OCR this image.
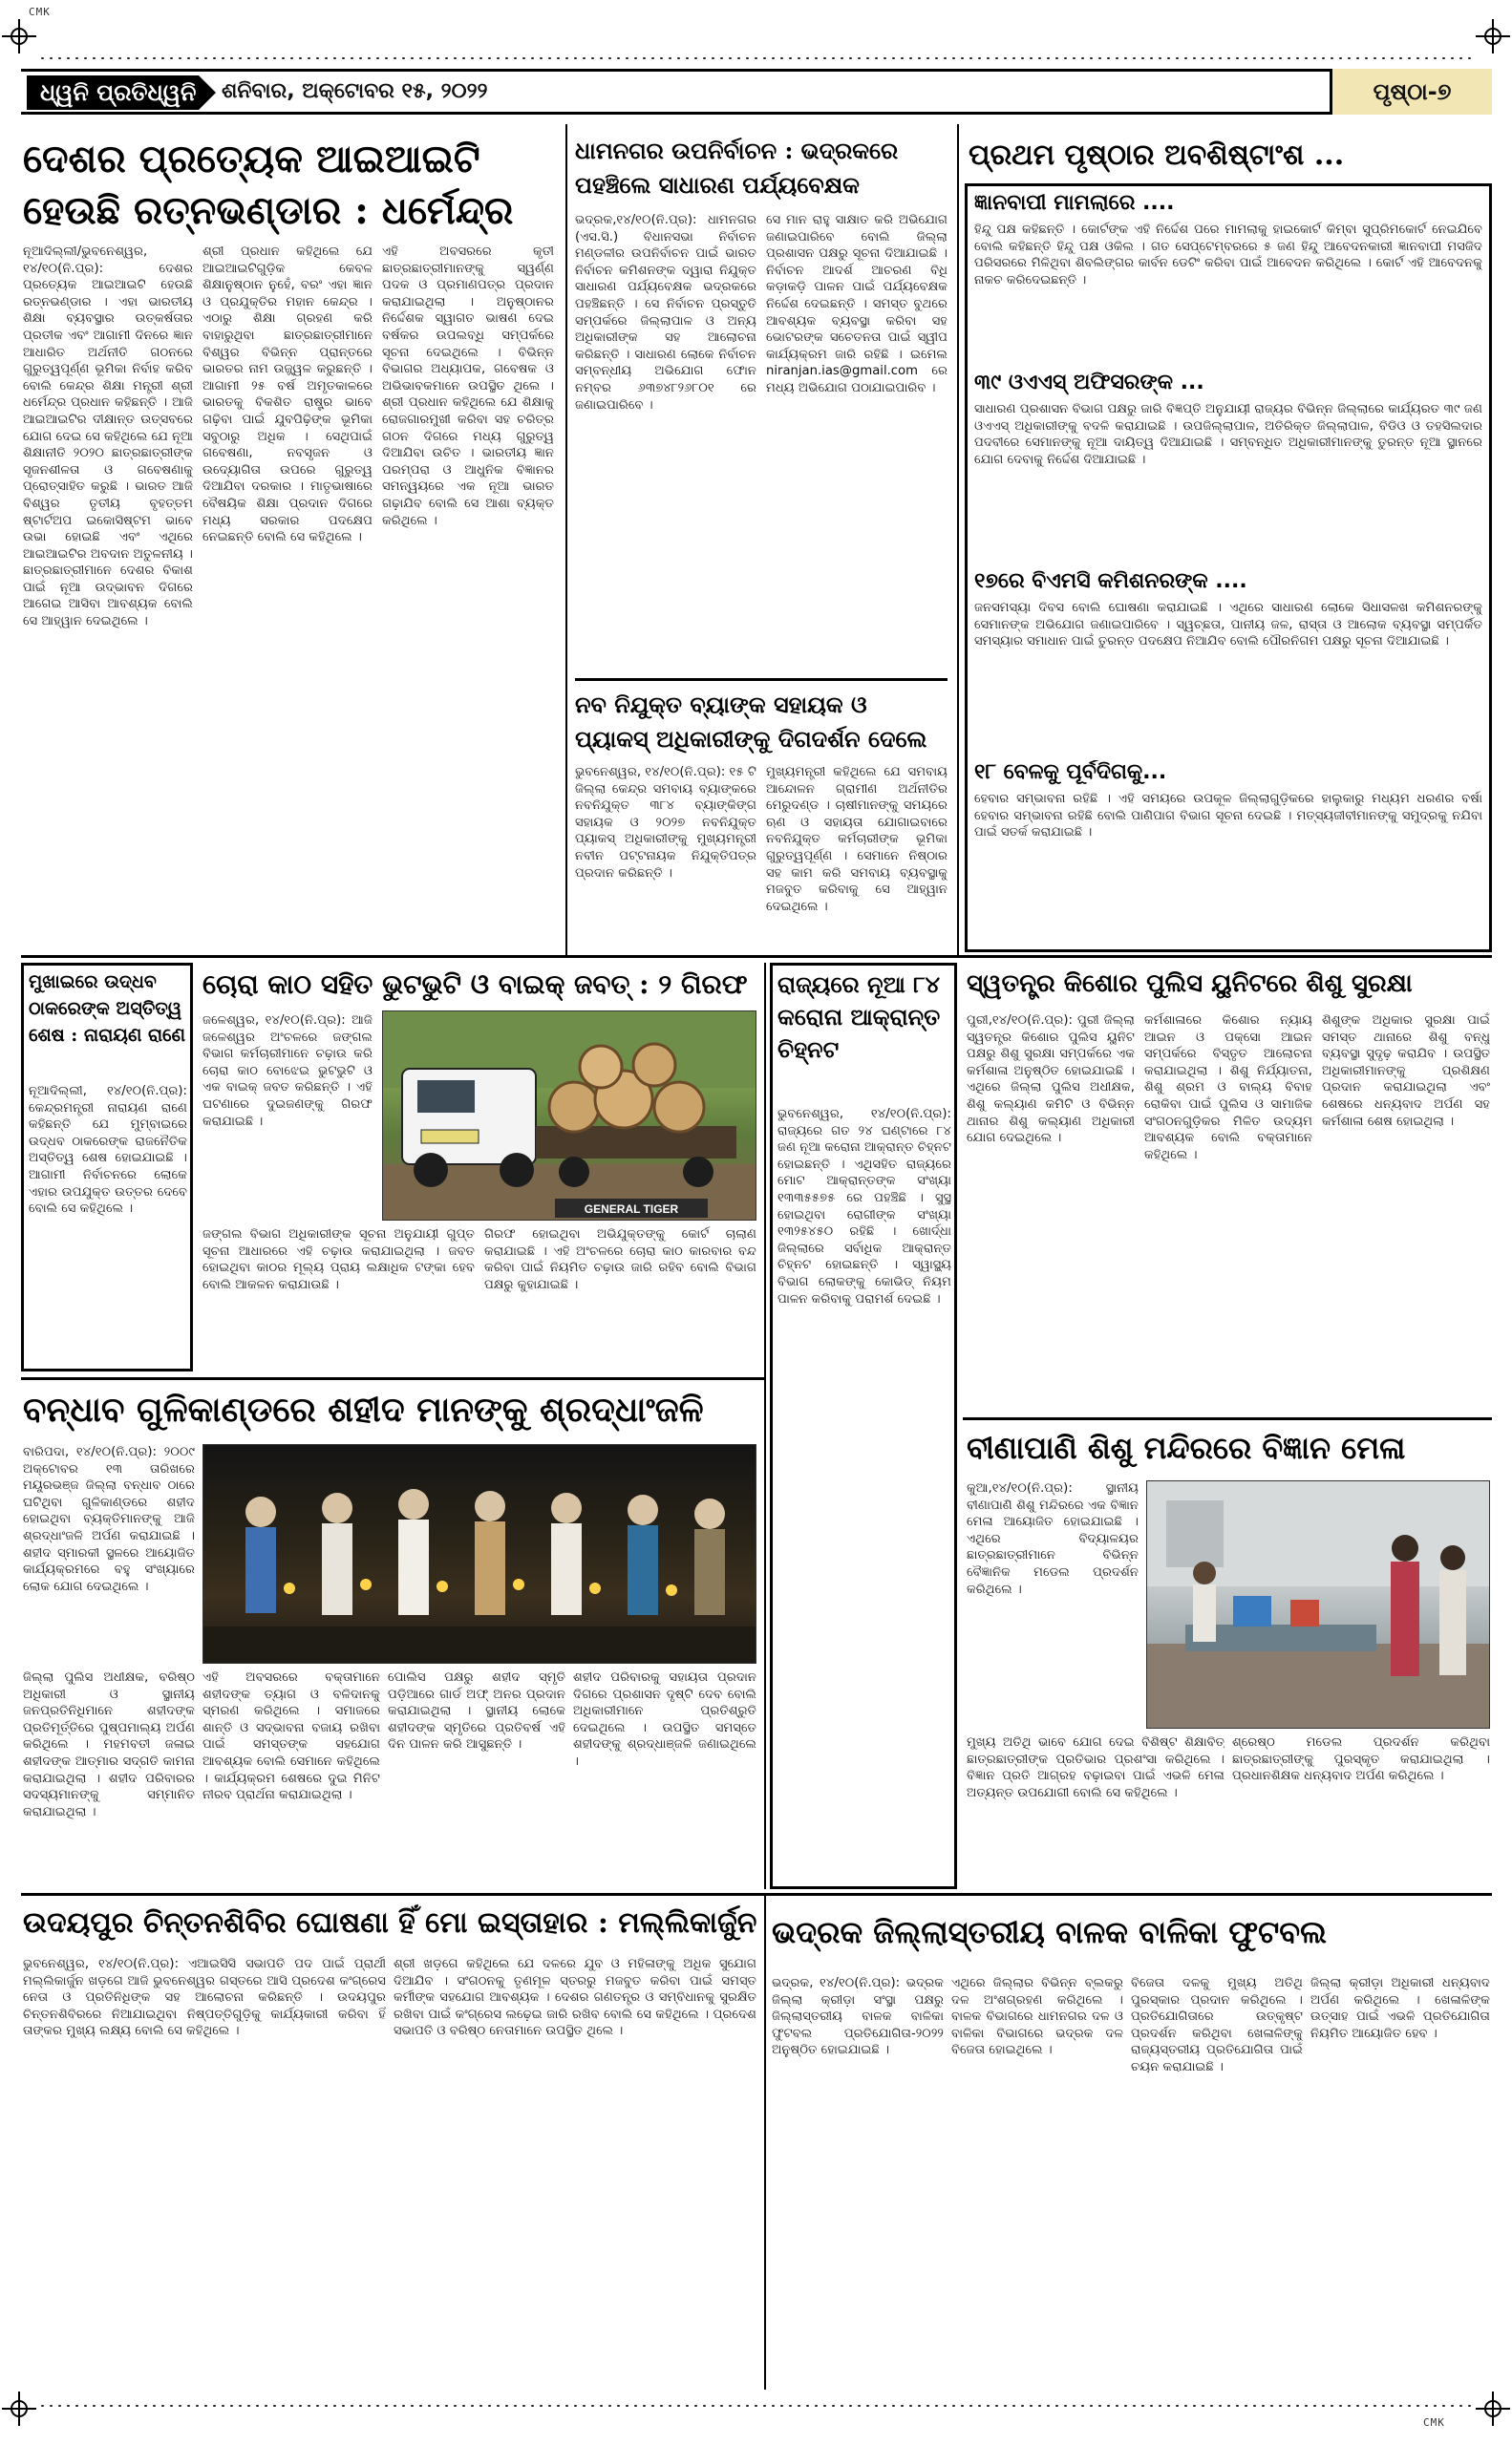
CMK
CMK
ଧ୍ୱନି ପ୍ରତିଧ୍ୱନି ଶନିବାର, ଅକ୍ଟୋବର ୧୫, ୨୦୨୨	ପୃଷ୍ଠା-୭
ଦେଶର ପ୍ରତ୍ୟେକ ଆଇଆଇଟି ହେଉଛି ରତ୍ନଭଣ୍ଡାର : ଧର୍ମେନ୍ଦ୍ର

ନୂଆଦିଲ୍ଲୀ/ଭୁବନେଶ୍ୱର, ୧୪/୧୦(ନି.ପ୍ର): ଦେଶର ପ୍ରତ୍ୟେକ ଆଇଆଇଟି ହେଉଛି ରତ୍ନଭଣ୍ଡାର । ଏହା ଭାରତୀୟ ଶିକ୍ଷା ବ୍ୟବସ୍ଥାର ଉତ୍କର୍ଷତାର ପ୍ରତୀକ ଏବଂ ଆଗାମୀ ଦିନରେ ଜ୍ଞାନ ଆଧାରିତ ଅର୍ଥନୀତି ଗଠନରେ ଗୁରୁତ୍ୱପୂର୍ଣ୍ଣ ଭୂମିକା ନିର୍ବାହ କରିବ ବୋଲି କେନ୍ଦ୍ର ଶିକ୍ଷା ମନ୍ତ୍ରୀ ଶ୍ରୀ ଧର୍ମେନ୍ଦ୍ର ପ୍ରଧାନ କହିଛନ୍ତି । ଆଜି ଆଇଆଇଟିର ଦୀକ୍ଷାନ୍ତ ଉତ୍ସବରେ ଯୋଗ ଦେଇ ସେ କହିଥିଲେ ଯେ ନୂଆ ଶିକ୍ଷାନୀତି ୨୦୨୦ ଛାତ୍ରଛାତ୍ରୀଙ୍କ ସୃଜନଶୀଳତା ଓ ଗବେଷଣାକୁ ପ୍ରୋତ୍ସାହିତ କରୁଛି । ଭାରତ ଆଜି ବିଶ୍ୱର ତୃତୀୟ ବୃହତ୍ତମ ଷ୍ଟାର୍ଟଅପ ଇକୋସିଷ୍ଟମ ଭାବେ ଉଭା ହୋଇଛି ଏବଂ ଏଥିରେ ଆଇଆଇଟିର ଅବଦାନ ଅତୁଳନୀୟ । ଛାତ୍ରଛାତ୍ରୀମାନେ ଦେଶର ବିକାଶ ପାଇଁ ନୂଆ ଉଦ୍ଭାବନ ଦିଗରେ ଆଗେଇ ଆସିବା ଆବଶ୍ୟକ ବୋଲି ସେ ଆହ୍ୱାନ ଦେଇଥିଲେ ।

ଶ୍ରୀ ପ୍ରଧାନ କହିଥିଲେ ଯେ ଆଇଆଇଟିଗୁଡ଼ିକ କେବଳ ଶିକ୍ଷାନୁଷ୍ଠାନ ନୁହେଁ, ବରଂ ଏହା ଜ୍ଞାନ ଓ ପ୍ରଯୁକ୍ତିର ମହାନ କେନ୍ଦ୍ର । ଏଠାରୁ ଶିକ୍ଷା ଗ୍ରହଣ କରି ବାହାରୁଥିବା ଛାତ୍ରଛାତ୍ରୀମାନେ ବିଶ୍ୱର ବିଭିନ୍ନ ପ୍ରାନ୍ତରେ ଭାରତର ନାମ ଉଜ୍ଜ୍ୱଳ କରୁଛନ୍ତି । ଆଗାମୀ ୨୫ ବର୍ଷ ଅମୃତକାଳରେ ଭାରତକୁ ବିକଶିତ ରାଷ୍ଟ୍ର ଭାବେ ଗଢ଼ିବା ପାଇଁ ଯୁବପିଢ଼ିଙ୍କ ଭୂମିକା ସବୁଠାରୁ ଅଧିକ । ସେଥିପାଇଁ ଗବେଷଣା, ନବସୃଜନ ଓ ଉଦ୍ୟୋଗିତା ଉପରେ ଗୁରୁତ୍ୱ ଦିଆଯିବା ଦରକାର । ମାତୃଭାଷାରେ ବୈଷୟିକ ଶିକ୍ଷା ପ୍ରଦାନ ଦିଗରେ ମଧ୍ୟ ସରକାର ପଦକ୍ଷେପ ନେଇଛନ୍ତି ବୋଲି ସେ କହିଥିଲେ ।

ଏହି ଅବସରରେ କୃତୀ ଛାତ୍ରଛାତ୍ରୀମାନଙ୍କୁ ସ୍ୱର୍ଣ୍ଣ ପଦକ ଓ ପ୍ରମାଣପତ୍ର ପ୍ରଦାନ କରାଯାଇଥିଲା । ଅନୁଷ୍ଠାନର ନିର୍ଦ୍ଦେଶକ ସ୍ୱାଗତ ଭାଷଣ ଦେଇ ବର୍ଷକର ଉପଲବ୍ଧି ସମ୍ପର୍କରେ ସୂଚନା ଦେଇଥିଲେ । ବିଭିନ୍ନ ବିଭାଗର ଅଧ୍ୟାପକ, ଗବେଷକ ଓ ଅଭିଭାବକମାନେ ଉପସ୍ଥିତ ଥିଲେ । ଶ୍ରୀ ପ୍ରଧାନ କହିଥିଲେ ଯେ ଶିକ୍ଷାକୁ ରୋଜଗାରମୁଖୀ କରିବା ସହ ଚରିତ୍ର ଗଠନ ଦିଗରେ ମଧ୍ୟ ଗୁରୁତ୍ୱ ଦିଆଯିବା ଉଚିତ । ଭାରତୀୟ ଜ୍ଞାନ ପରମ୍ପରା ଓ ଆଧୁନିକ ବିଜ୍ଞାନର ସମନ୍ୱୟରେ ଏକ ନୂଆ ଭାରତ ଗଢ଼ାଯିବ ବୋଲି ସେ ଆଶା ବ୍ୟକ୍ତ କରିଥିଲେ ।

ଧାମନଗର ଉପନିର୍ବାଚନ : ଭଦ୍ରକରେ ପହଞ୍ଚିଲେ ସାଧାରଣ ପର୍ଯ୍ୟବେକ୍ଷକ

ଭଦ୍ରକ,୧୪/୧୦(ନି.ପ୍ର): ଧାମନଗର (ଏସ.ସି.) ବିଧାନସଭା ନିର୍ବାଚନ ମଣ୍ଡଳୀର ଉପନିର୍ବାଚନ ପାଇଁ ଭାରତ ନିର୍ବାଚନ କମିଶନଙ୍କ ଦ୍ୱାରା ନିଯୁକ୍ତ ସାଧାରଣ ପର୍ଯ୍ୟବେକ୍ଷକ ଭଦ୍ରକରେ ପହଞ୍ଚିଛନ୍ତି । ସେ ନିର୍ବାଚନ ପ୍ରସ୍ତୁତି ସମ୍ପର୍କରେ ଜିଲ୍ଲାପାଳ ଓ ଅନ୍ୟ ଅଧିକାରୀଙ୍କ ସହ ଆଲୋଚନା କରିଛନ୍ତି । ସାଧାରଣ ଲୋକେ ନିର୍ବାଚନ ସମ୍ବନ୍ଧୀୟ ଅଭିଯୋଗ ଫୋନ ନମ୍ବର ୬୩୭୪୮୨୬୮୦୧ ରେ ଜଣାଇପାରିବେ ।

ସେ ମାନ ରାହୁ ସାକ୍ଷାତ କରି ଅଭିଯୋଗ ଜଣାଇପାରିବେ ବୋଲି ଜିଲ୍ଲା ପ୍ରଶାସନ ପକ୍ଷରୁ ସୂଚନା ଦିଆଯାଇଛି । ନିର୍ବାଚନ ଆଦର୍ଶ ଆଚରଣ ବିଧି କଡ଼ାକଡ଼ି ପାଳନ ପାଇଁ ପର୍ଯ୍ୟବେକ୍ଷକ ନିର୍ଦ୍ଦେଶ ଦେଇଛନ୍ତି । ସମସ୍ତ ବୁଥରେ ଆବଶ୍ୟକ ବ୍ୟବସ୍ଥା କରିବା ସହ ଭୋଟରଙ୍କ ସଚେତନତା ପାଇଁ ସ୍ୱୀପ କାର୍ଯ୍ୟକ୍ରମ ଜାରି ରହିଛି । ଇମେଲ niranjan.ias@gmail.com ରେ ମଧ୍ୟ ଅଭିଯୋଗ ପଠାଯାଇପାରିବ ।

ନବ ନିଯୁକ୍ତ ବ୍ୟାଙ୍କ ସହାୟକ ଓ ପ୍ୟାକସ୍ ଅଧିକାରୀଙ୍କୁ ଦିଗଦର୍ଶନ ଦେଲେ

ଭୁବନେଶ୍ୱର, ୧୪/୧୦(ନି.ପ୍ର): ୧୫ ଟି ଜିଲ୍ଲା କେନ୍ଦ୍ର ସମବାୟ ବ୍ୟାଙ୍କରେ ନବନିଯୁକ୍ତ ୩୮୪ ବ୍ୟାଙ୍କିଙ୍ଗ ସହାୟକ ଓ ୨୦୨୭ ନବନିଯୁକ୍ତ ପ୍ୟାକସ୍ ଅଧିକାରୀଙ୍କୁ ମୁଖ୍ୟମନ୍ତ୍ରୀ ନବୀନ ପଟ୍ଟନାୟକ ନିଯୁକ୍ତିପତ୍ର ପ୍ରଦାନ କରିଛନ୍ତି ।

ମୁଖ୍ୟମନ୍ତ୍ରୀ କହିଥିଲେ ଯେ ସମବାୟ ଆନ୍ଦୋଳନ ଗ୍ରାମୀଣ ଅର୍ଥନୀତିର ମେରୁଦଣ୍ଡ । ଚାଷୀମାନଙ୍କୁ ସମୟରେ ଋଣ ଓ ସହାୟତା ଯୋଗାଇବାରେ ନବନିଯୁକ୍ତ କର୍ମଚାରୀଙ୍କ ଭୂମିକା ଗୁରୁତ୍ୱପୂର୍ଣ୍ଣ । ସେମାନେ ନିଷ୍ଠାର ସହ କାମ କରି ସମବାୟ ବ୍ୟବସ୍ଥାକୁ ମଜବୁତ କରିବାକୁ ସେ ଆହ୍ୱାନ ଦେଇଥିଲେ ।

ପ୍ରଥମ ପୃଷ୍ଠାର ଅବଶିଷ୍ଟାଂଶ ...
ଜ୍ଞାନବାପୀ ମାମଲାରେ ....

ହିନ୍ଦୁ ପକ୍ଷ କହିଛନ୍ତି । କୋର୍ଟଙ୍କ ଏହି ନିର୍ଦ୍ଦେଶ ପରେ ମାମଲାକୁ ହାଇକୋର୍ଟ କିମ୍ବା ସୁପ୍ରିମକୋର୍ଟ ନେଇଯିବେ ବୋଲି କହିଛନ୍ତି ହିନ୍ଦୁ ପକ୍ଷ ଓକିଲ । ଗତ ସେପ୍ଟେମ୍ବରରେ ୫ ଜଣ ହିନ୍ଦୁ ଆବେଦନକାରୀ ଜ୍ଞାନବାପୀ ମସଜିଦ ପରିସରରେ ମିଳିଥିବା ଶିବଲିଙ୍ଗର କାର୍ବନ ଡେଟିଂ କରିବା ପାଇଁ ଆବେଦନ କରିଥିଲେ । କୋର୍ଟ ଏହି ଆବେଦନକୁ ନାକଚ କରିଦେଇଛନ୍ତି ।

୩୯ ଓଏଏସ୍ ଅଫିସରଙ୍କ ...

ସାଧାରଣ ପ୍ରଶାସନ ବିଭାଗ ପକ୍ଷରୁ ଜାରି ବିଜ୍ଞପ୍ତି ଅନୁଯାୟୀ ରାଜ୍ୟର ବିଭିନ୍ନ ଜିଲ୍ଲାରେ କାର୍ଯ୍ୟରତ ୩୯ ଜଣ ଓଏଏସ୍ ଅଧିକାରୀଙ୍କୁ ବଦଳି କରାଯାଇଛି । ଉପଜିଲ୍ଲାପାଳ, ଅତିରିକ୍ତ ଜିଲ୍ଲାପାଳ, ବିଡିଓ ଓ ତହସିଲଦାର ପଦବୀରେ ସେମାନଙ୍କୁ ନୂଆ ଦାୟିତ୍ୱ ଦିଆଯାଇଛି । ସମ୍ବନ୍ଧିତ ଅଧିକାରୀମାନଙ୍କୁ ତୁରନ୍ତ ନୂଆ ସ୍ଥାନରେ ଯୋଗ ଦେବାକୁ ନିର୍ଦ୍ଦେଶ ଦିଆଯାଇଛି ।

୧୭ରେ ବିଏମସି କମିଶନରଙ୍କ ....

ଜନସମସ୍ୟା ଦିବସ ବୋଲି ଘୋଷଣା କରାଯାଇଛି । ଏଥିରେ ସାଧାରଣ ଲୋକେ ସିଧାସଳଖ କମିଶନରଙ୍କୁ ସେମାନଙ୍କ ଅଭିଯୋଗ ଜଣାଇପାରିବେ । ସ୍ୱଚ୍ଛତା, ପାନୀୟ ଜଳ, ରାସ୍ତା ଓ ଆଲୋକ ବ୍ୟବସ୍ଥା ସମ୍ପର୍କିତ ସମସ୍ୟାର ସମାଧାନ ପାଇଁ ତୁରନ୍ତ ପଦକ୍ଷେପ ନିଆଯିବ ବୋଲି ପୌରନିଗମ ପକ୍ଷରୁ ସୂଚନା ଦିଆଯାଇଛି ।

୧୮ ବେଳକୁ ପୂର୍ବଦିଗକୁ...

ହେବାର ସମ୍ଭାବନା ରହିଛି । ଏହି ସମୟରେ ଉପକୂଳ ଜିଲ୍ଲାଗୁଡ଼ିକରେ ହାଲୁକାରୁ ମଧ୍ୟମ ଧରଣର ବର୍ଷା ହେବାର ସମ୍ଭାବନା ରହିଛି ବୋଲି ପାଣିପାଗ ବିଭାଗ ସୂଚନା ଦେଇଛି । ମତ୍ସ୍ୟଜୀବୀମାନଙ୍କୁ ସମୁଦ୍ରକୁ ନଯିବା ପାଇଁ ସତର୍କ କରାଯାଇଛି ।

ମୁଖାଇରେ ଉଦ୍ଧବ ଠାକରେଙ୍କ ଅସ୍ତିତ୍ୱ ଶେଷ : ନାରାୟଣ ରାଣେ

ନୂଆଦିଲ୍ଲୀ, ୧୪/୧୦(ନି.ପ୍ର): କେନ୍ଦ୍ରମନ୍ତ୍ରୀ ନାରାୟଣ ରାଣେ କହିଛନ୍ତି ଯେ ମୁମ୍ବାଇରେ ଉଦ୍ଧବ ଠାକରେଙ୍କ ରାଜନୈତିକ ଅସ୍ତିତ୍ୱ ଶେଷ ହୋଇଯାଇଛି । ଆଗାମୀ ନିର୍ବାଚନରେ ଲୋକେ ଏହାର ଉପଯୁକ୍ତ ଉତ୍ତର ଦେବେ ବୋଲି ସେ କହିଥିଲେ ।

ଚୋରା କାଠ ସହିତ ଭୁଟଭୁଟି ଓ ବାଇକ୍ ଜବତ୍ : ୨ ଗିରଫ

ଜଳେଶ୍ୱର, ୧୪/୧୦(ନି.ପ୍ର): ଆଜି ଜଳେଶ୍ୱର ଅଂଚଳରେ ଜଙ୍ଗଲ ବିଭାଗ କର୍ମଚାରୀମାନେ ଚଢ଼ାଉ କରି ଚୋରା କାଠ ବୋଝେଇ ଭୁଟଭୁଟି ଓ ଏକ ବାଇକ୍ ଜବତ କରିଛନ୍ତି । ଏହି ଘଟଣାରେ ଦୁଇଜଣଙ୍କୁ ଗିରଫ କରାଯାଇଛି ।

GENERAL TIGER

ଜଙ୍ଗଲ ବିଭାଗ ଅଧିକାରୀଙ୍କ ସୂଚନା ଅନୁଯାୟୀ ଗୁପ୍ତ ସୂଚନା ଆଧାରରେ ଏହି ଚଢ଼ାଉ କରାଯାଇଥିଲା । ଜବତ ହୋଇଥିବା କାଠର ମୂଲ୍ୟ ପ୍ରାୟ ଲକ୍ଷାଧିକ ଟଙ୍କା ହେବ ବୋଲି ଆକଳନ କରାଯାଉଛି ।

ଗିରଫ ହୋଇଥିବା ଅଭିଯୁକ୍ତଙ୍କୁ କୋର୍ଟ ଚାଲାଣ କରାଯାଇଛି । ଏହି ଅଂଚଳରେ ଚୋରା କାଠ କାରବାର ବନ୍ଦ କରିବା ପାଇଁ ନିୟମିତ ଚଢ଼ାଉ ଜାରି ରହିବ ବୋଲି ବିଭାଗ ପକ୍ଷରୁ କୁହାଯାଇଛି ।

ରାଜ୍ୟରେ ନୂଆ ୮୪ କରୋନା ଆକ୍ରାନ୍ତ ଚିହ୍ନଟ

ଭୁବନେଶ୍ୱର, ୧୪/୧୦(ନି.ପ୍ର): ରାଜ୍ୟରେ ଗତ ୨୪ ଘଣ୍ଟାରେ ୮୪ ଜଣ ନୂଆ କରୋନା ଆକ୍ରାନ୍ତ ଚିହ୍ନଟ ହୋଇଛନ୍ତି । ଏଥିସହିତ ରାଜ୍ୟରେ ମୋଟ ଆକ୍ରାନ୍ତଙ୍କ ସଂଖ୍ୟା ୧୩୩୫୫୭୫ ରେ ପହଞ୍ଚିଛି । ସୁସ୍ଥ ହୋଇଥିବା ରୋଗୀଙ୍କ ସଂଖ୍ୟା ୧୩୨୫୪୫୦ ରହିଛି । ଖୋର୍ଦ୍ଧା ଜିଲ୍ଲାରେ ସର୍ବାଧିକ ଆକ୍ରାନ୍ତ ଚିହ୍ନଟ ହୋଇଛନ୍ତି । ସ୍ୱାସ୍ଥ୍ୟ ବିଭାଗ ଲୋକଙ୍କୁ କୋଭିଡ୍ ନିୟମ ପାଳନ କରିବାକୁ ପରାମର୍ଶ ଦେଇଛି ।

ସ୍ୱତନ୍ତ୍ର କିଶୋର ପୁଲିସ ୟୁନିଟରେ ଶିଶୁ ସୁରକ୍ଷା

ପୁରୀ,୧୪/୧୦(ନି.ପ୍ର): ପୁରୀ ଜିଲ୍ଲା ସ୍ୱତନ୍ତ୍ର କିଶୋର ପୁଲିସ ୟୁନିଟ ପକ୍ଷରୁ ଶିଶୁ ସୁରକ୍ଷା ସମ୍ପର୍କରେ ଏକ କର୍ମଶାଳା ଅନୁଷ୍ଠିତ ହୋଇଯାଇଛି । ଏଥିରେ ଜିଲ୍ଲା ପୁଲିସ ଅଧୀକ୍ଷକ, ଶିଶୁ କଲ୍ୟାଣ କମିଟି ଓ ବିଭିନ୍ନ ଥାନାର ଶିଶୁ କଲ୍ୟାଣ ଅଧିକାରୀ ଯୋଗ ଦେଇଥିଲେ ।

କର୍ମଶାଳାରେ କିଶୋର ନ୍ୟାୟ ଆଇନ ଓ ପକ୍ସୋ ଆଇନ ସମ୍ପର୍କରେ ବିସ୍ତୃତ ଆଲୋଚନା କରାଯାଇଥିଲା । ଶିଶୁ ନିର୍ଯ୍ୟାତନା, ଶିଶୁ ଶ୍ରମ ଓ ବାଲ୍ୟ ବିବାହ ରୋକିବା ପାଇଁ ପୁଲିସ ଓ ସାମାଜିକ ସଂଗଠନଗୁଡ଼ିକର ମିଳିତ ଉଦ୍ୟମ ଆବଶ୍ୟକ ବୋଲି ବକ୍ତାମାନେ କହିଥିଲେ ।

ଶିଶୁଙ୍କ ଅଧିକାର ସୁରକ୍ଷା ପାଇଁ ସମସ୍ତ ଥାନାରେ ଶିଶୁ ବନ୍ଧୁ ବ୍ୟବସ୍ଥା ସୁଦୃଢ଼ କରାଯିବ । ଉପସ୍ଥିତ ଅଧିକାରୀମାନଙ୍କୁ ପ୍ରଶିକ୍ଷଣ ପ୍ରଦାନ କରାଯାଇଥିଲା ଏବଂ ଶେଷରେ ଧନ୍ୟବାଦ ଅର୍ପଣ ସହ କର୍ମଶାଳା ଶେଷ ହୋଇଥିଲା ।

ବନ୍ଧାବ ଗୁଳିକାଣ୍ଡରେ ଶହୀଦ ମାନଙ୍କୁ ଶ୍ରଦ୍ଧାଂଜଳି

ବାରିପଦା, ୧୪/୧୦(ନି.ପ୍ର): ୨୦୦୯ ଅକ୍ଟୋବର ୧୩ ତାରିଖରେ ମୟୂରଭଞ୍ଜ ଜିଲ୍ଲା ବନ୍ଧାବ ଠାରେ ଘଟିଥିବା ଗୁଳିକାଣ୍ଡରେ ଶହୀଦ ହୋଇଥିବା ବ୍ୟକ୍ତିମାନଙ୍କୁ ଆଜି ଶ୍ରଦ୍ଧାଂଜଳି ଅର୍ପଣ କରାଯାଇଛି । ଶହୀଦ ସ୍ମାରକୀ ସ୍ଥଳରେ ଆୟୋଜିତ କାର୍ଯ୍ୟକ୍ରମରେ ବହୁ ସଂଖ୍ୟାରେ ଲୋକ ଯୋଗ ଦେଇଥିଲେ ।

ଜିଲ୍ଲା ପୁଲିସ ଅଧୀକ୍ଷକ, ବରିଷ୍ଠ ଅଧିକାରୀ ଓ ସ୍ଥାନୀୟ ଜନପ୍ରତିନିଧିମାନେ ଶହୀଦଙ୍କ ପ୍ରତିମୂର୍ତ୍ତିରେ ପୁଷ୍ପମାଲ୍ୟ ଅର୍ପଣ କରିଥିଲେ । ମହମବତୀ ଜଳାଇ ଶହୀଦଙ୍କ ଆତ୍ମାର ସଦ୍‌ଗତି କାମନା କରାଯାଇଥିଲା । ଶହୀଦ ପରିବାରର ସଦସ୍ୟମାନଙ୍କୁ ସମ୍ମାନିତ କରାଯାଇଥିଲା ।

ଏହି ଅବସରରେ ବକ୍ତାମାନେ ଶହୀଦଙ୍କ ତ୍ୟାଗ ଓ ବଳିଦାନକୁ ସ୍ମରଣ କରିଥିଲେ । ସମାଜରେ ଶାନ୍ତି ଓ ସଦ୍‌ଭାବନା ବଜାୟ ରଖିବା ପାଇଁ ସମସ୍ତଙ୍କ ସହଯୋଗ ଆବଶ୍ୟକ ବୋଲି ସେମାନେ କହିଥିଲେ । କାର୍ଯ୍ୟକ୍ରମ ଶେଷରେ ଦୁଇ ମିନିଟ ନୀରବ ପ୍ରାର୍ଥନା କରାଯାଇଥିଲା ।

ପୋଲିସ ପକ୍ଷରୁ ଶହୀଦ ସ୍ମୃତି ପଡ଼ିଆରେ ଗାର୍ଡ ଅଫ୍ ଅନର ପ୍ରଦାନ କରାଯାଇଥିଲା । ସ୍ଥାନୀୟ ଲୋକେ ଶହୀଦଙ୍କ ସ୍ମୃତିରେ ପ୍ରତିବର୍ଷ ଏହି ଦିନ ପାଳନ କରି ଆସୁଛନ୍ତି ।

ଶହୀଦ ପରିବାରକୁ ସହାୟତା ପ୍ରଦାନ ଦିଗରେ ପ୍ରଶାସନ ଦୃଷ୍ଟି ଦେବ ବୋଲି ଅଧିକାରୀମାନେ ପ୍ରତିଶ୍ରୁତି ଦେଇଥିଲେ । ଉପସ୍ଥିତ ସମସ୍ତେ ଶହୀଦଙ୍କୁ ଶ୍ରଦ୍ଧାଞ୍ଜଳି ଜଣାଇଥିଲେ ।

ବୀଣାପାଣି ଶିଶୁ ମନ୍ଦିରରେ ବିଜ୍ଞାନ ମେଳା

କୁଆ,୧୪/୧୦(ନି.ପ୍ର): ସ୍ଥାନୀୟ ବୀଣାପାଣି ଶିଶୁ ମନ୍ଦିରରେ ଏକ ବିଜ୍ଞାନ ମେଳା ଆୟୋଜିତ ହୋଇଯାଇଛି । ଏଥିରେ ବିଦ୍ୟାଳୟର ଛାତ୍ରଛାତ୍ରୀମାନେ ବିଭିନ୍ନ ବୈଜ୍ଞାନିକ ମଡେଲ ପ୍ରଦର୍ଶନ କରିଥିଲେ ।

ମୁଖ୍ୟ ଅତିଥି ଭାବେ ଯୋଗ ଦେଇ ବିଶିଷ୍ଟ ଶିକ୍ଷାବିତ୍ ଛାତ୍ରଛାତ୍ରୀଙ୍କ ପ୍ରତିଭାର ପ୍ରଶଂସା କରିଥିଲେ । ବିଜ୍ଞାନ ପ୍ରତି ଆଗ୍ରହ ବଢ଼ାଇବା ପାଇଁ ଏଭଳି ମେଳା ଅତ୍ୟନ୍ତ ଉପଯୋଗୀ ବୋଲି ସେ କହିଥିଲେ ।

ଶ୍ରେଷ୍ଠ ମଡେଲ ପ୍ରଦର୍ଶନ କରିଥିବା ଛାତ୍ରଛାତ୍ରୀଙ୍କୁ ପୁରସ୍କୃତ କରାଯାଇଥିଲା । ପ୍ରଧାନଶିକ୍ଷକ ଧନ୍ୟବାଦ ଅର୍ପଣ କରିଥିଲେ ।

ଉଦୟପୁର ଚିନ୍ତନଶିବିର ଘୋଷଣା ହିଁ ମୋ ଇସ୍ତାହାର : ମଲ୍ଲିକାର୍ଜୁନ

ଭୁବନେଶ୍ୱର, ୧୪/୧୦(ନି.ପ୍ର): ଏଆଇସିସି ସଭାପତି ପଦ ପାଇଁ ପ୍ରାର୍ଥୀ ମଲ୍ଲିକାର୍ଜୁନ ଖଡ଼ଗେ ଆଜି ଭୁବନେଶ୍ୱର ଗସ୍ତରେ ଆସି ପ୍ରଦେଶ କଂଗ୍ରେସ ନେତା ଓ ପ୍ରତିନିଧିଙ୍କ ସହ ଆଲୋଚନା କରିଛନ୍ତି । ଉଦୟପୁର ଚିନ୍ତନଶିବିରରେ ନିଆଯାଇଥିବା ନିଷ୍ପତ୍ତିଗୁଡ଼ିକୁ କାର୍ଯ୍ୟକାରୀ କରିବା ହିଁ ତାଙ୍କର ମୁଖ୍ୟ ଲକ୍ଷ୍ୟ ବୋଲି ସେ କହିଥିଲେ ।

ଶ୍ରୀ ଖଡ଼ଗେ କହିଥିଲେ ଯେ ଦଳରେ ଯୁବ ଓ ମହିଳାଙ୍କୁ ଅଧିକ ସୁଯୋଗ ଦିଆଯିବ । ସଂଗଠନକୁ ତୃଣମୂଳ ସ୍ତରରୁ ମଜବୁତ କରିବା ପାଇଁ ସମସ୍ତ କର୍ମୀଙ୍କ ସହଯୋଗ ଆବଶ୍ୟକ । ଦେଶର ଗଣତନ୍ତ୍ର ଓ ସମ୍ବିଧାନକୁ ସୁରକ୍ଷିତ ରଖିବା ପାଇଁ କଂଗ୍ରେସ ଲଢ଼େଇ ଜାରି ରଖିବ ବୋଲି ସେ କହିଥିଲେ । ପ୍ରଦେଶ ସଭାପତି ଓ ବରିଷ୍ଠ ନେତାମାନେ ଉପସ୍ଥିତ ଥିଲେ ।

ଭଦ୍ରକ ଜିଲ୍ଲାସ୍ତରୀୟ ବାଳକ ବାଳିକା ଫୁଟବଲ

ଭଦ୍ରକ, ୧୪/୧୦(ନି.ପ୍ର): ଭଦ୍ରକ ଜିଲ୍ଲା କ୍ରୀଡ଼ା ସଂସ୍ଥା ପକ୍ଷରୁ ଜିଲ୍ଲାସ୍ତରୀୟ ବାଳକ ବାଳିକା ଫୁଟବଲ ପ୍ରତିଯୋଗିତା-୨୦୨୨ ଅନୁଷ୍ଠିତ ହୋଇଯାଇଛି ।

ଏଥିରେ ଜିଲ୍ଲାର ବିଭିନ୍ନ ବ୍ଲକରୁ ଦଳ ଅଂଶଗ୍ରହଣ କରିଥିଲେ । ବାଳକ ବିଭାଗରେ ଧାମନଗର ଦଳ ଓ ବାଳିକା ବିଭାଗରେ ଭଦ୍ରକ ଦଳ ବିଜେତା ହୋଇଥିଲେ ।

ବିଜେତା ଦଳକୁ ମୁଖ୍ୟ ଅତିଥି ପୁରସ୍କାର ପ୍ରଦାନ କରିଥିଲେ । ପ୍ରତିଯୋଗିତାରେ ଉତ୍କୃଷ୍ଟ ପ୍ରଦର୍ଶନ କରିଥିବା ଖେଳାଳିଙ୍କୁ ରାଜ୍ୟସ୍ତରୀୟ ପ୍ରତିଯୋଗିତା ପାଇଁ ଚୟନ କରାଯାଇଛି ।

ଜିଲ୍ଲା କ୍ରୀଡ଼ା ଅଧିକାରୀ ଧନ୍ୟବାଦ ଅର୍ପଣ କରିଥିଲେ । ଖେଳାଳିଙ୍କ ଉତ୍ସାହ ପାଇଁ ଏଭଳି ପ୍ରତିଯୋଗିତା ନିୟମିତ ଆୟୋଜିତ ହେବ ।
